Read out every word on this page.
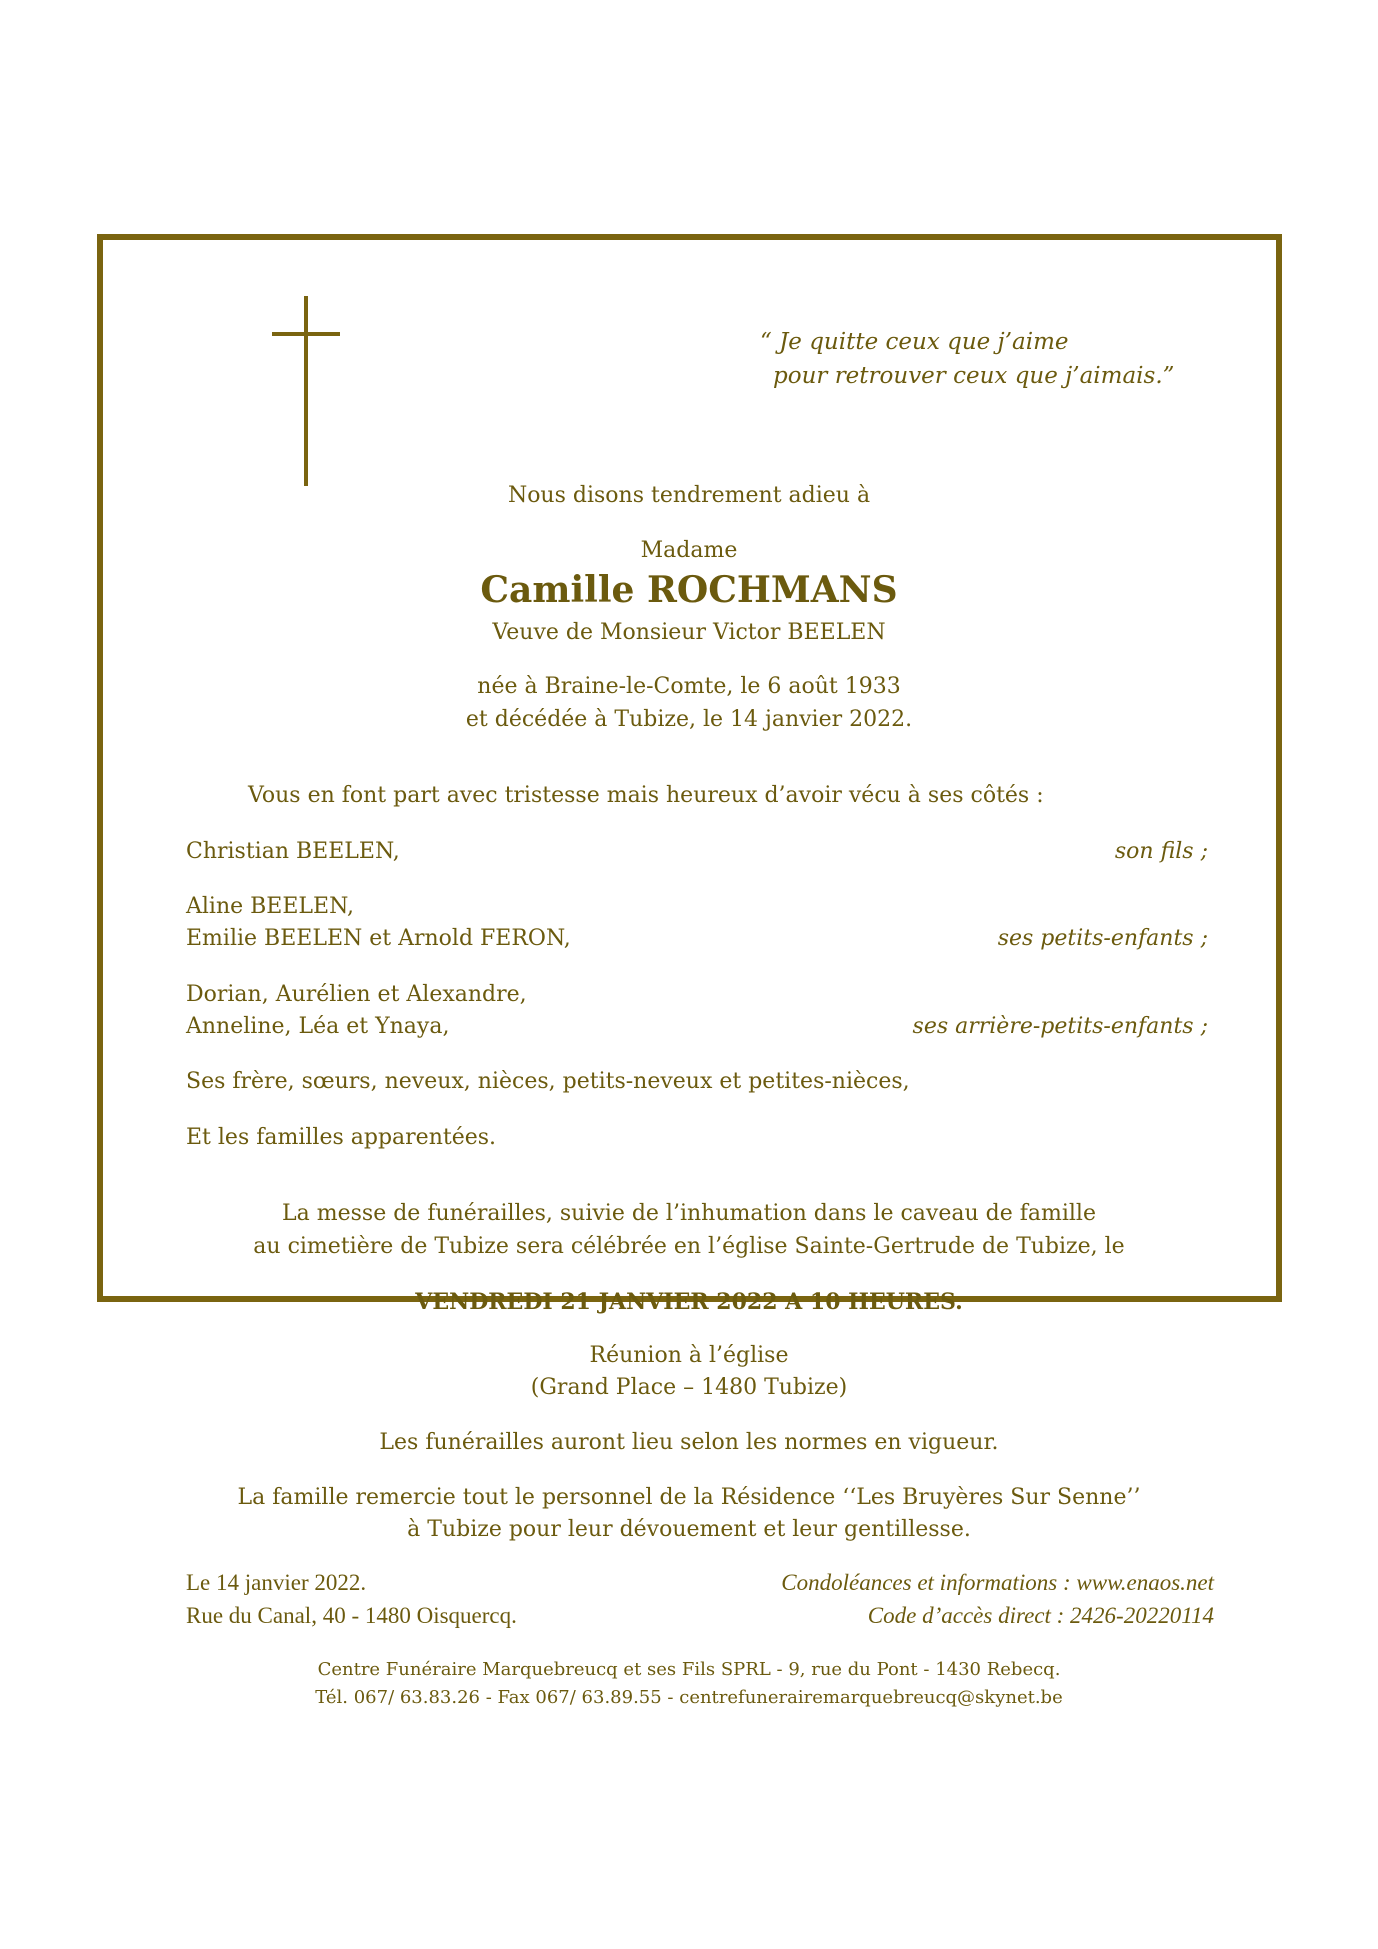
“ Je quitte ceux que j’aime
pour retrouver ceux que j’aimais.”
Nous disons tendrement adieu à
Madame
Camille ROCHMANS
Veuve de Monsieur Victor BEELEN
née à Braine-le-Comte, le 6 août 1933
et décédée à Tubize, le 14 janvier 2022.
Vous en font part avec tristesse mais heureux d’avoir vécu à ses côtés :
Christian BEELEN,	son fils ;
Aline BEELEN,
Emilie BEELEN et Arnold FERON,	ses petits-enfants ;
Dorian, Aurélien et Alexandre,
Anneline, Léa et Ynaya,	ses arrière-petits-enfants ;
Ses frère, sœurs, neveux, nièces, petits-neveux et petites-nièces,
Et les familles apparentées.
La messe de funérailles, suivie de l’inhumation dans le caveau de famille
au cimetière de Tubize sera célébrée en l’église Sainte-Gertrude de Tubize, le
VENDREDI 21 JANVIER 2022 A 10 HEURES.
Réunion à l’église
(Grand Place – 1480 Tubize)
Les funérailles auront lieu selon les normes en vigueur.
La famille remercie tout le personnel de la Résidence ‘‘Les Bruyères Sur Senne’’
à Tubize pour leur dévouement et leur gentillesse.
Le 14 janvier 2022.
Rue du Canal, 40 - 1480 Oisquercq.
Condoléances et informations : www.enaos.net
Code d’accès direct : 2426-20220114
Centre Funéraire Marquebreucq et ses Fils SPRL - 9, rue du Pont - 1430 Rebecq.
Tél. 067/ 63.83.26 - Fax 067/ 63.89.55 - centrefunerairemarquebreucq@skynet.be
